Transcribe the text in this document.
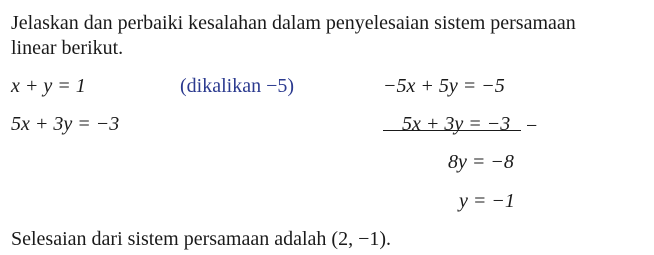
Jelaskan dan perbaiki kesalahan dalam penyelesaian sistem persamaan
linear berikut.
x + y = 1
5x + 3y = −3
(dikalikan −5)	−5x + 5y = −5
5x + 3y = −3 −
8y = −8
y = −1
Selesaian dari sistem persamaan adalah (2, −1).
